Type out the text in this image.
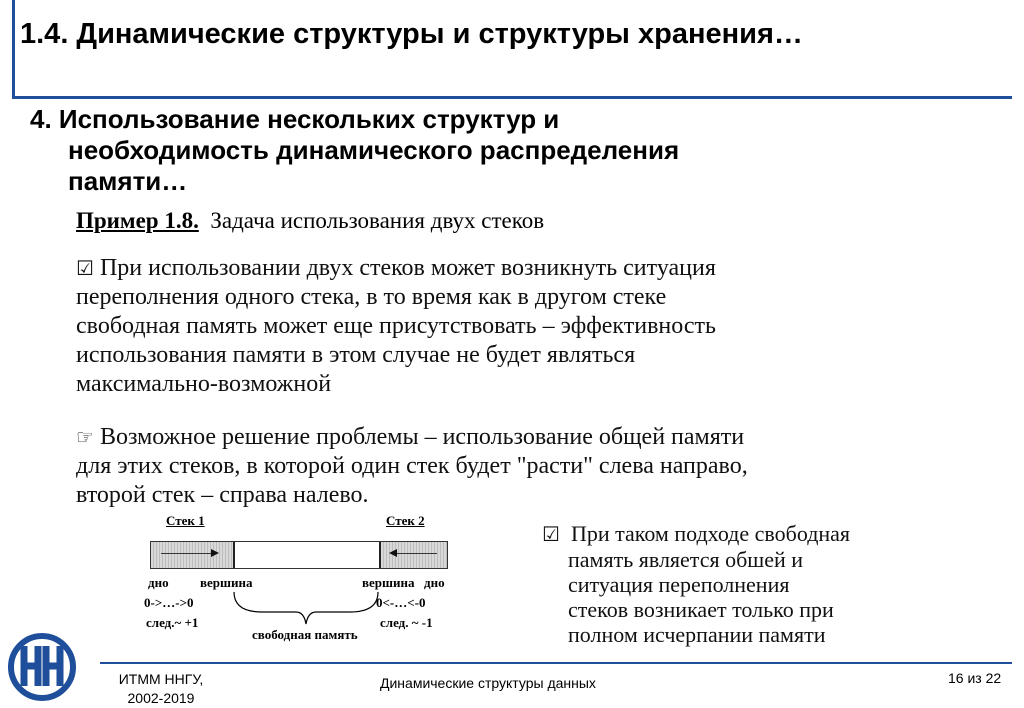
1.4. Динамические структуры и структуры хранения…
4. Использование нескольких структур и
необходимость динамического распределения
памяти…
Пример 1.8. Задача использования двух стеков
☑ При использовании двух стеков может возникнуть ситуация
переполнения одного стека, в то время как в другом стеке
свободная память может еще присутствовать – эффективность
использования памяти в этом случае не будет являться
максимально-возможной
☞ Возможное решение проблемы – использование общей памяти
для этих стеков, в которой один стек будет "расти" слева направо,
второй стек – справа налево.
Стек 1	Стек 2
дно вершина	вершина дно
0->…->0	0<-…<-0
след.~ +1	след. ~ -1
свободная память
☑ При таком подходе свободная
память является обшей и
ситуация переполнения
стеков возникает только при
полном исчерпании памяти
ИТММ ННГУ,
2002-2019
Динамические структуры данных	16 из 22
